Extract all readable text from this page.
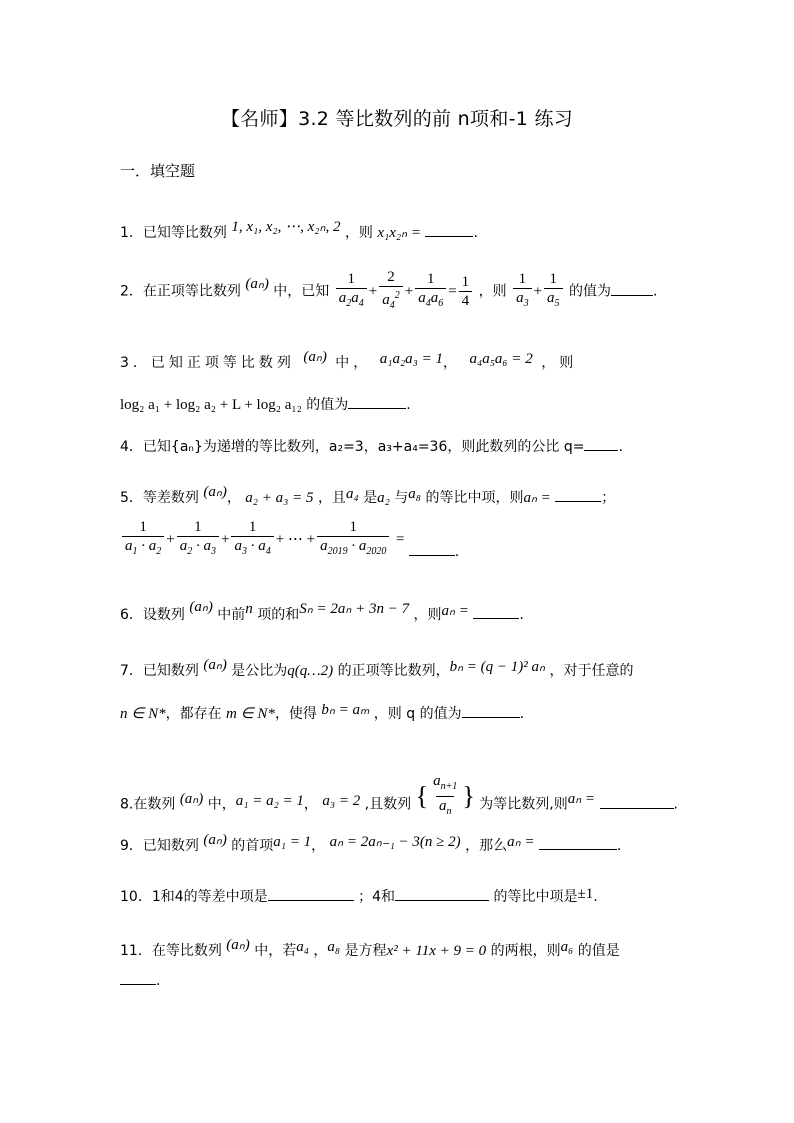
【名师】3.2 等比数列的前 n项和-1 练习
一．填空题
1．已知等比数列 1, x₁, x₂, ⋯, x₂ₙ, 2 ，则 x₁x₂ₙ =	.
2．在正项等比数列 (aₙ) 中，已知 $\frac{1}{a_2a_4} + \frac{2}{a_4^2} + \frac{1}{a_4a_6} = \frac{1}{4}$ ，则 $\frac{1}{a_3} + \frac{1}{a_5}$ 的值为	.
3．已知正项等比数列 (aₙ) 中， a₁a₂a₃ = 1， a₄a₅a₆ = 2 ，则
log₂ a₁ + log₂ a₂ + L + log₂ a₁₂ 的值为	.
4．已知{aₙ}为递增的等比数列，a₂=3，a₃+a₄=36，则此数列的公比 q= .
5．等差数列 (aₙ)， a₂ + a₃ = 5 ，且a₄ 是a₂ 与a₈ 的等比中项，则aₙ =	；
$\frac{1}{a_1 \cdot a_2} + \frac{1}{a_2 \cdot a_3} + \frac{1}{a_3 \cdot a_4}$ + ⋯ + $\frac{1}{a_{2019} \cdot a_{2020}}$ = .
6．设数列 (aₙ) 中前n 项的和Sₙ = 2aₙ + 3n − 7 ，则aₙ =	.
7．已知数列 (aₙ) 是公比为q(q…2) 的正项等比数列，bₙ = (q − 1)² aₙ ，对于任意的
n ∈ N*，都存在 m ∈ N*，使得 bₙ = aₘ ，则 q 的值为	.
8.在数列 (aₙ) 中，a₁ = a₂ = 1， a₃ = 2 ,且数列 { $\frac{a_{n+1}}{a_n}$ } 为等比数列,则aₙ =	.
9．已知数列 (aₙ) 的首项a₁ = 1， aₙ = 2aₙ₋₁ − 3(n ≥ 2) ，那么aₙ =	.
10．1和4的等差中项是	；4和	的等比中项是±1.
11．在等比数列 (aₙ) 中，若a₄ ，a₈ 是方程x² + 11x + 9 = 0 的两根，则a₆ 的值是
.
